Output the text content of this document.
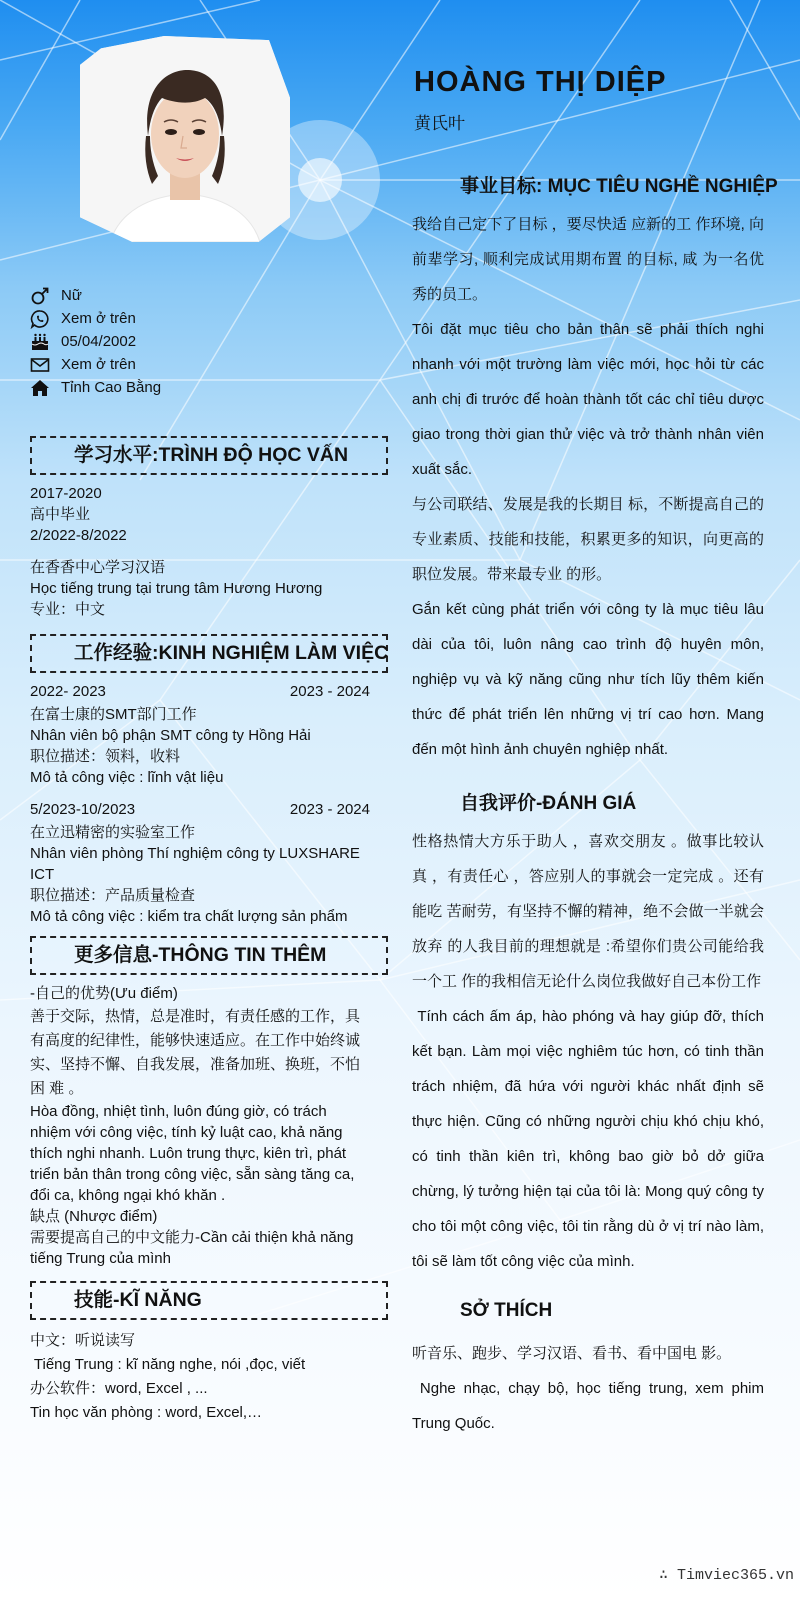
HOÀNG THỊ DIỆP
黄氏叶
Nữ
Xem ở trên
05/04/2002
Xem ở trên
Tỉnh Cao Bằng
学习水平:TRÌNH ĐỘ HỌC VẤN
2017-2020
高中毕业
2/2022-8/2022
在香香中心学习汉语
Học tiếng trung tại trung tâm Hương Hương
专业：中文
工作经验:KINH NGHIỆM LÀM VIỆC
2022- 2023	2023 - 2024
在富士康的SMT部门工作
Nhân viên bộ phận SMT công ty Hồng Hải
职位描述：领料，收料
Mô tả công việc : lĩnh vật liệu
5/2023-10/2023	2023 - 2024
在立迅精密的实验室工作
Nhân viên phòng Thí nghiệm công ty LUXSHARE ICT
职位描述：产品质量检查
Mô tả công việc : kiểm tra chất lượng sản phẩm
更多信息-THÔNG TIN THÊM
-自己的优势(Ưu điểm)
善于交际，热情，总是准时，有责任感的工作，具有高度的纪律性，能够快速适应。在工作中始终诚实、坚持不懈、自我发展，准备加班、换班，不怕困 难 。
Hòa đồng, nhiệt tình, luôn đúng giờ, có trách nhiệm với công việc, tính kỷ luật cao, khả năng thích nghi nhanh. Luôn trung thực, kiên trì, phát triển bản thân trong công việc, sẵn sàng tăng ca, đổi ca, không ngại khó khăn .
缺点 (Nhược điểm)
需要提高自己的中文能力-Cần cải thiện khả năng tiếng Trung của mình
技能-KĨ NĂNG
中文：听说读写
Tiếng Trung : kĩ năng nghe, nói ,đọc, viết
办公软件：word, Excel , ...
Tin học văn phòng : word, Excel,…
事业目标: MỤC TIÊU NGHỀ NGHIỆP

我给自己定下了目标 ，要尽快适 应新的工 作环境, 向前辈学习, 顺利完成试用期布置 的目标, 咸 为一名优秀的员工。

Tôi đặt mục tiêu cho bản thân sẽ phải thích nghi nhanh với một trường làm việc mới, học hỏi từ các anh chị đi trước để hoàn thành tốt các chỉ tiêu dược giao trong thời gian thử việc và trở thành nhân viên xuất sắc.

与公司联结、发展是我的长期目 标，不断提高自己的专业素质、技能和技能，积累更多的知识，向更高的职位发展。带来最专业 的形。

Gắn kết cùng phát triển với công ty là mục tiêu lâu dài của tôi, luôn nâng cao trình độ huyên môn, nghiệp vụ và kỹ năng cũng như tích lũy thêm kiến thức để phát triển lên những vị trí cao hơn. Mang đến một hình ảnh chuyên nghiệp nhất.

自我评价-ĐÁNH GIÁ

性格热情大方乐于助人 ，喜欢交朋友 。做事比较认真 ，有责任心 ，答应别人的事就会一定完成 。还有能吃 苦耐劳，有坚持不懈的精神，绝不会做一半就会放弃 的人我目前的理想就是 :希望你们贵公司能给我一个工 作的我相信无论什么岗位我做好自己本份工作

Tính cách ấm áp, hào phóng và hay giúp đỡ, thích kết bạn. Làm mọi việc nghiêm túc hơn, có tinh thần trách nhiệm, đã hứa với người khác nhất định sẽ thực hiện. Cũng có những người chịu khó chịu khó, có tinh thần kiên trì, không bao giờ bỏ dở giữa chừng, lý tưởng hiện tại của tôi là: Mong quý công ty cho tôi một công việc, tôi tin rằng dù ở vị trí nào làm, tôi sẽ làm tốt công việc của mình.

SỞ THÍCH

听音乐、跑步、学习汉语、看书、看中国电 影。

Nghe nhạc, chạy bộ, học tiếng trung, xem phim Trung Quốc.

∴ Timviec365.vn
